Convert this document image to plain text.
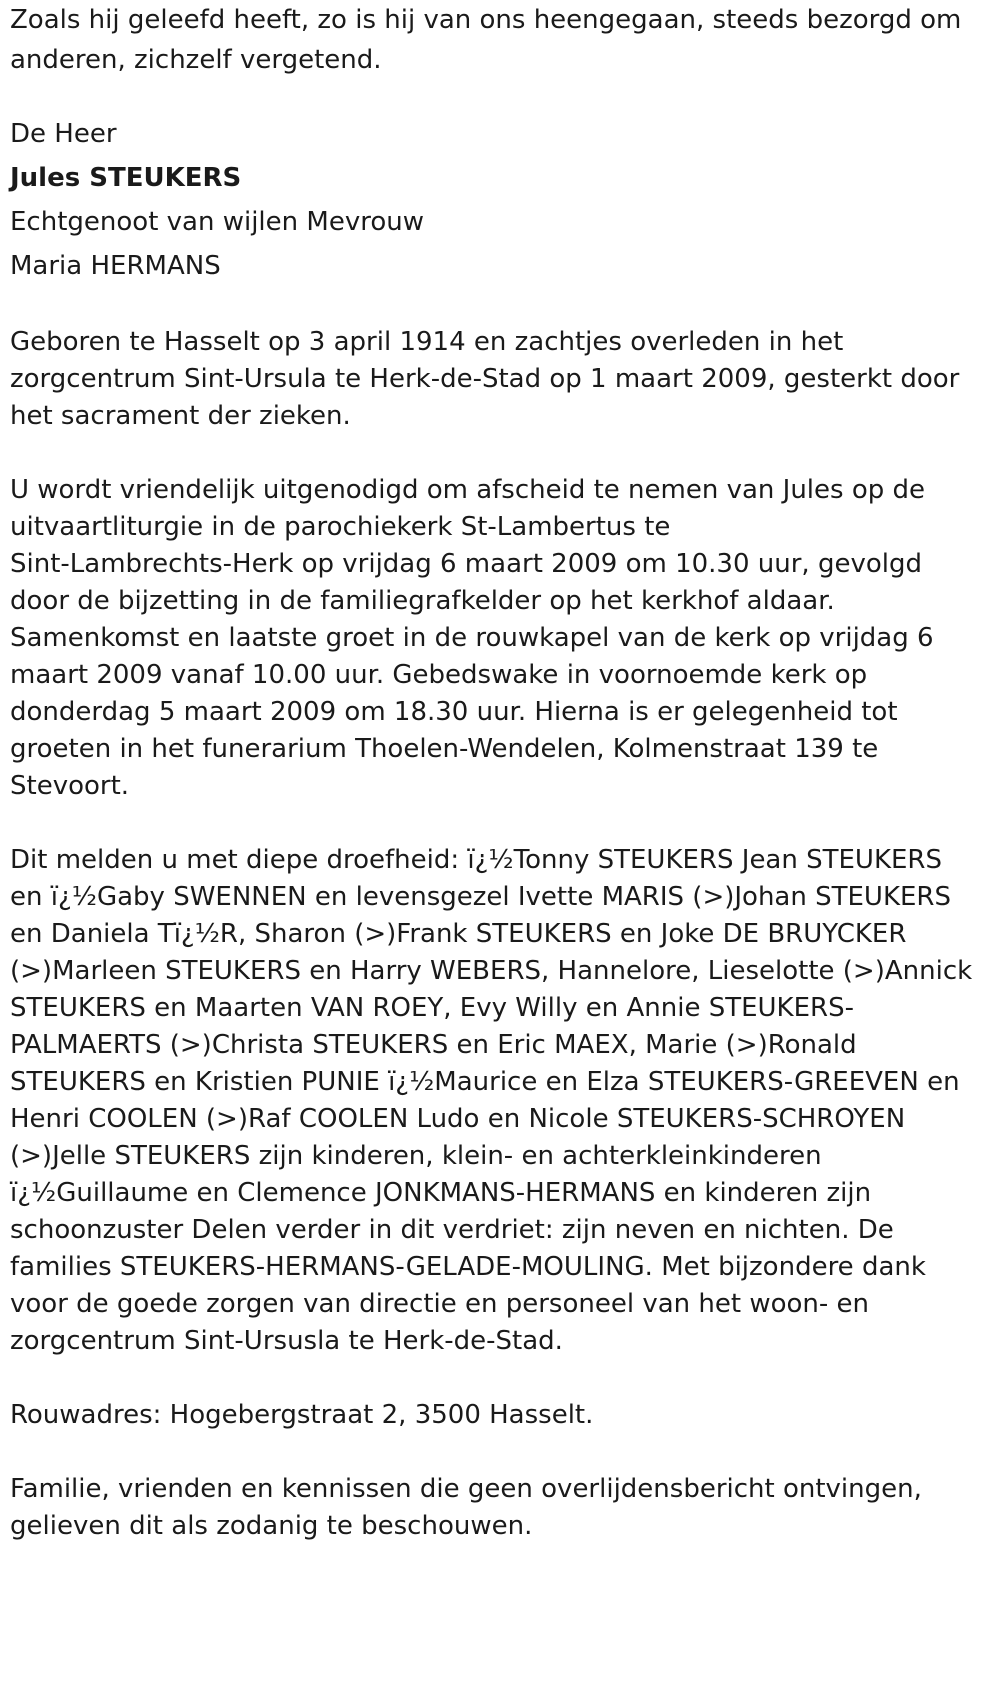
Zoals hij geleefd heeft, zo is hij van ons heengegaan, steeds bezorgd om
anderen, zichzelf vergetend.

De Heer

Jules STEUKERS

Echtgenoot van wijlen Mevrouw

Maria HERMANS

Geboren te Hasselt op 3 april 1914 en zachtjes overleden in het
zorgcentrum Sint-Ursula te Herk-de-Stad op 1 maart 2009, gesterkt door
het sacrament der zieken.

U wordt vriendelijk uitgenodigd om afscheid te nemen van Jules op de
uitvaartliturgie in de parochiekerk St-Lambertus te
Sint-Lambrechts-Herk op vrijdag 6 maart 2009 om 10.30 uur, gevolgd
door de bijzetting in de familiegrafkelder op het kerkhof aldaar.
Samenkomst en laatste groet in de rouwkapel van de kerk op vrijdag 6
maart 2009 vanaf 10.00 uur. Gebedswake in voornoemde kerk op
donderdag 5 maart 2009 om 18.30 uur. Hierna is er gelegenheid tot
groeten in het funerarium Thoelen-Wendelen, Kolmenstraat 139 te
Stevoort.

Dit melden u met diepe droefheid: ï¿½Tonny STEUKERS Jean STEUKERS
en ï¿½Gaby SWENNEN en levensgezel Ivette MARIS (>)Johan STEUKERS
en Daniela Tï¿½R, Sharon (>)Frank STEUKERS en Joke DE BRUYCKER
(>)Marleen STEUKERS en Harry WEBERS, Hannelore, Lieselotte (>)Annick
STEUKERS en Maarten VAN ROEY, Evy Willy en Annie STEUKERS-
PALMAERTS (>)Christa STEUKERS en Eric MAEX, Marie (>)Ronald
STEUKERS en Kristien PUNIE ï¿½Maurice en Elza STEUKERS-GREEVEN en
Henri COOLEN (>)Raf COOLEN Ludo en Nicole STEUKERS-SCHROYEN
(>)Jelle STEUKERS zijn kinderen, klein- en achterkleinkinderen
ï¿½Guillaume en Clemence JONKMANS-HERMANS en kinderen zijn
schoonzuster Delen verder in dit verdriet: zijn neven en nichten. De
families STEUKERS-HERMANS-GELADE-MOULING. Met bijzondere dank
voor de goede zorgen van directie en personeel van het woon- en
zorgcentrum Sint-Ursusla te Herk-de-Stad.

Rouwadres: Hogebergstraat 2, 3500 Hasselt.

Familie, vrienden en kennissen die geen overlijdensbericht ontvingen,
gelieven dit als zodanig te beschouwen.
